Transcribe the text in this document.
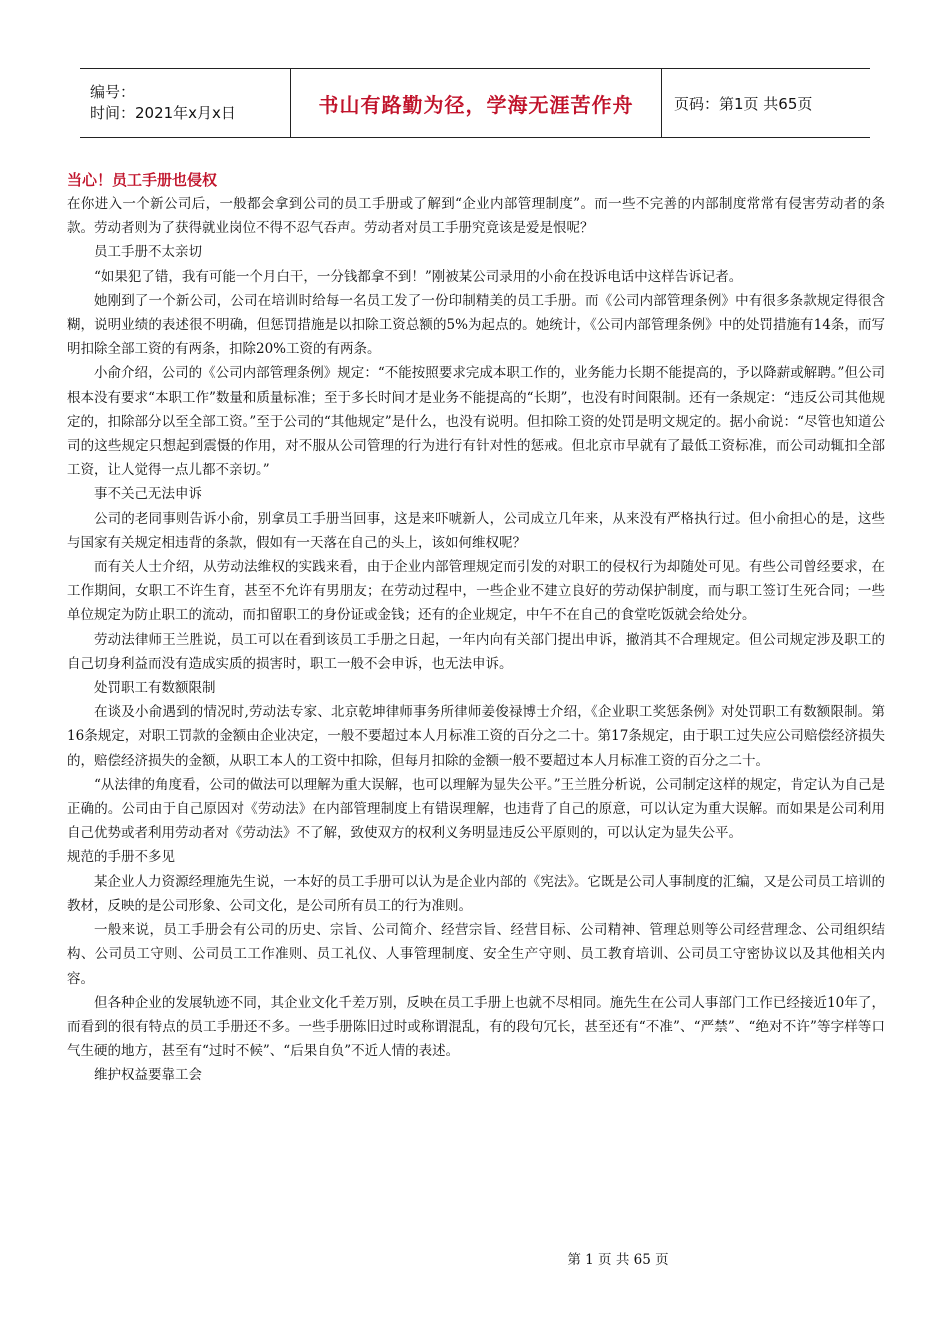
编号：
时间：2021年x月x日	书山有路勤为径，学海无涯苦作舟	页码：第1页 共65页
当心！员工手册也侵权

在你进入一个新公司后，一般都会拿到公司的员工手册或了解到“企业内部管理制度”。而一些不完善的内部制度常常有侵害劳动者的条款。劳动者则为了获得就业岗位不得不忍气吞声。劳动者对员工手册究竟该是爱是恨呢？

员工手册不太亲切

“如果犯了错，我有可能一个月白干，一分钱都拿不到！”刚被某公司录用的小俞在投诉电话中这样告诉记者。

她刚到了一个新公司，公司在培训时给每一名员工发了一份印制精美的员工手册。而《公司内部管理条例》中有很多条款规定得很含糊，说明业绩的表述很不明确，但惩罚措施是以扣除工资总额的5%为起点的。她统计，《公司内部管理条例》中的处罚措施有14条，而写明扣除全部工资的有两条，扣除20%工资的有两条。

小俞介绍，公司的《公司内部管理条例》规定：“不能按照要求完成本职工作的，业务能力长期不能提高的，予以降薪或解聘。”但公司根本没有要求“本职工作”数量和质量标准；至于多长时间才是业务不能提高的“长期”，也没有时间限制。还有一条规定：“违反公司其他规定的，扣除部分以至全部工资。”至于公司的“其他规定”是什么，也没有说明。但扣除工资的处罚是明文规定的。据小俞说：“尽管也知道公司的这些规定只想起到震慑的作用，对不服从公司管理的行为进行有针对性的惩戒。但北京市早就有了最低工资标准，而公司动辄扣全部工资，让人觉得一点儿都不亲切。”

事不关己无法申诉

公司的老同事则告诉小俞，别拿员工手册当回事，这是来吓唬新人，公司成立几年来，从来没有严格执行过。但小俞担心的是，这些与国家有关规定相违背的条款，假如有一天落在自己的头上，该如何维权呢？

而有关人士介绍，从劳动法维权的实践来看，由于企业内部管理规定而引发的对职工的侵权行为却随处可见。有些公司曾经要求，在工作期间，女职工不许生育，甚至不允许有男朋友；在劳动过程中，一些企业不建立良好的劳动保护制度，而与职工签订生死合同；一些单位规定为防止职工的流动，而扣留职工的身份证或金钱；还有的企业规定，中午不在自己的食堂吃饭就会给处分。

劳动法律师王兰胜说，员工可以在看到该员工手册之日起，一年内向有关部门提出申诉，撤消其不合理规定。但公司规定涉及职工的自己切身利益而没有造成实质的损害时，职工一般不会申诉，也无法申诉。

处罚职工有数额限制

在谈及小俞遇到的情况时,劳动法专家、北京乾坤律师事务所律师姜俊禄博士介绍，《企业职工奖惩条例》对处罚职工有数额限制。第16条规定，对职工罚款的金额由企业决定，一般不要超过本人月标准工资的百分之二十。第17条规定，由于职工过失应公司赔偿经济损失的，赔偿经济损失的金额，从职工本人的工资中扣除，但每月扣除的金额一般不要超过本人月标准工资的百分之二十。

“从法律的角度看，公司的做法可以理解为重大误解，也可以理解为显失公平。”王兰胜分析说，公司制定这样的规定，肯定认为自己是正确的。公司由于自己原因对《劳动法》在内部管理制度上有错误理解，也违背了自己的原意，可以认定为重大误解。而如果是公司利用自己优势或者利用劳动者对《劳动法》不了解，致使双方的权利义务明显违反公平原则的，可以认定为显失公平。

规范的手册不多见

某企业人力资源经理施先生说，一本好的员工手册可以认为是企业内部的《宪法》。它既是公司人事制度的汇编，又是公司员工培训的教材，反映的是公司形象、公司文化，是公司所有员工的行为准则。

一般来说，员工手册会有公司的历史、宗旨、公司简介、经营宗旨、经营目标、公司精神、管理总则等公司经营理念、公司组织结构、公司员工守则、公司员工工作准则、员工礼仪、人事管理制度、安全生产守则、员工教育培训、公司员工守密协议以及其他相关内容。

但各种企业的发展轨迹不同，其企业文化千差万别，反映在员工手册上也就不尽相同。施先生在公司人事部门工作已经接近10年了，而看到的很有特点的员工手册还不多。一些手册陈旧过时或称谓混乱，有的段句冗长，甚至还有“不准”、“严禁”、“绝对不许”等字样等口气生硬的地方，甚至有“过时不候”、“后果自负”不近人情的表述。

维护权益要靠工会

第 1 页 共 65 页
